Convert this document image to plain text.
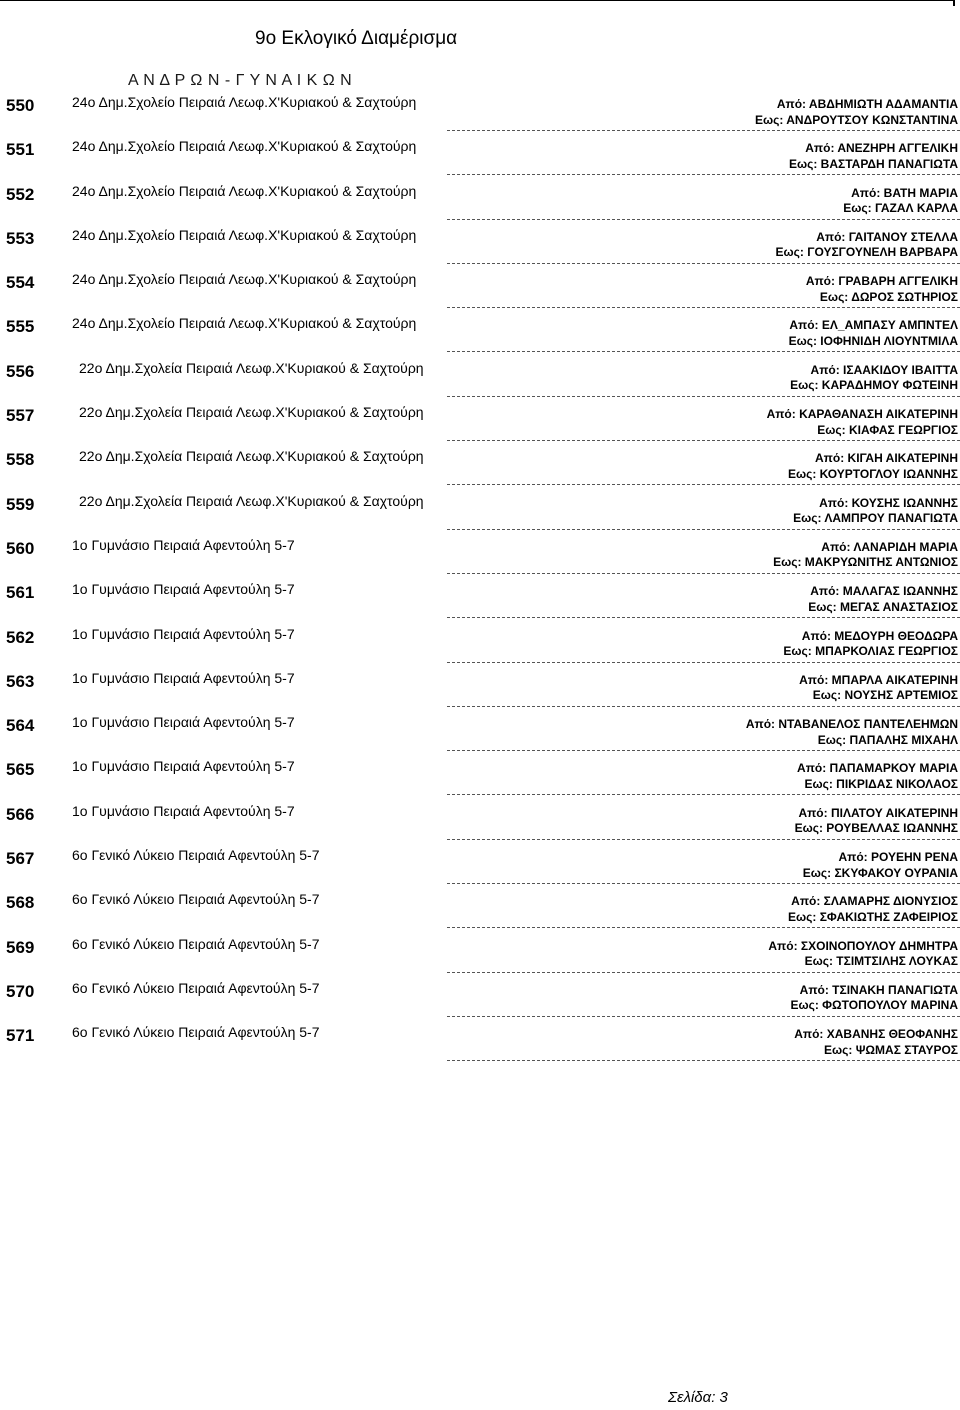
9ο Εκλογικό Διαμέρισμα
Α Ν Δ Ρ Ω Ν - Γ Υ Ν Α Ι Κ Ω Ν
550	24ο Δημ.Σχολείο Πειραιά Λεωφ.Χ'Κυριακού & Σαχτούρη	Από: ΑΒΔΗΜΙΩΤΗ ΑΔΑΜΑΝΤΙΑ
Εως: ΑΝΔΡΟΥΤΣΟΥ ΚΩΝΣΤΑΝΤΙΝΑ
551	24ο Δημ.Σχολείο Πειραιά Λεωφ.Χ'Κυριακού & Σαχτούρη	Από: ΑΝΕΖΗΡΗ ΑΓΓΕΛΙΚΗ
Εως: ΒΑΣΤΑΡΔΗ ΠΑΝΑΓΙΩΤΑ
552	24ο Δημ.Σχολείο Πειραιά Λεωφ.Χ'Κυριακού & Σαχτούρη	Από: ΒΑΤΗ ΜΑΡΙΑ
Εως: ΓΑΖΑΛ ΚΑΡΛΑ
553	24ο Δημ.Σχολείο Πειραιά Λεωφ.Χ'Κυριακού & Σαχτούρη	Από: ΓΑΙΤΑΝΟΥ ΣΤΕΛΛΑ
Εως: ΓΟΥΣΓΟΥΝΕΛΗ ΒΑΡΒΑΡΑ
554	24ο Δημ.Σχολείο Πειραιά Λεωφ.Χ'Κυριακού & Σαχτούρη	Από: ΓΡΑΒΑΡΗ ΑΓΓΕΛΙΚΗ
Εως: ΔΩΡΟΣ ΣΩΤΗΡΙΟΣ
555	24ο Δημ.Σχολείο Πειραιά Λεωφ.Χ'Κυριακού & Σαχτούρη	Από: ΕΛ_ΑΜΠΑΣΥ ΑΜΠΝΤΕΛ
Εως: ΙΟΦΗΝΙΔΗ ΛΙΟΥΝΤΜΙΛΑ
556	22ο Δημ.Σχολεία Πειραιά Λεωφ.Χ'Κυριακού & Σαχτούρη	Από: ΙΣΑΑΚΙΔΟΥ ΙΒΑΙΤΤΑ
Εως: ΚΑΡΑΔΗΜΟΥ ΦΩΤΕΙΝΗ
557	22ο Δημ.Σχολεία Πειραιά Λεωφ.Χ'Κυριακού & Σαχτούρη	Από: ΚΑΡΑΘΑΝΑΣΗ ΑΙΚΑΤΕΡΙΝΗ
Εως: ΚΙΑΦΑΣ ΓΕΩΡΓΙΟΣ
558	22ο Δημ.Σχολεία Πειραιά Λεωφ.Χ'Κυριακού & Σαχτούρη	Από: ΚΙΓΑΗ ΑΙΚΑΤΕΡΙΝΗ
Εως: ΚΟΥΡΤΟΓΛΟΥ ΙΩΑΝΝΗΣ
559	22ο Δημ.Σχολεία Πειραιά Λεωφ.Χ'Κυριακού & Σαχτούρη	Από: ΚΟΥΣΗΣ ΙΩΑΝΝΗΣ
Εως: ΛΑΜΠΡΟΥ ΠΑΝΑΓΙΩΤΑ
560	1ο Γυμνάσιο Πειραιά Αφεντούλη 5-7	Από: ΛΑΝΑΡΙΔΗ ΜΑΡΙΑ
Εως: ΜΑΚΡΥΩΝΙΤΗΣ ΑΝΤΩΝΙΟΣ
561	1ο Γυμνάσιο Πειραιά Αφεντούλη 5-7	Από: ΜΑΛΑΓΑΣ ΙΩΑΝΝΗΣ
Εως: ΜΕΓΑΣ ΑΝΑΣΤΑΣΙΟΣ
562	1ο Γυμνάσιο Πειραιά Αφεντούλη 5-7	Από: ΜΕΔΟΥΡΗ ΘΕΟΔΩΡΑ
Εως: ΜΠΑΡΚΟΛΙΑΣ ΓΕΩΡΓΙΟΣ
563	1ο Γυμνάσιο Πειραιά Αφεντούλη 5-7	Από: ΜΠΑΡΛΑ ΑΙΚΑΤΕΡΙΝΗ
Εως: ΝΟΥΣΗΣ ΑΡΤΕΜΙΟΣ
564	1ο Γυμνάσιο Πειραιά Αφεντούλη 5-7	Από: ΝΤΑΒΑΝΕΛΟΣ ΠΑΝΤΕΛΕΗΜΩΝ
Εως: ΠΑΠΑΛΗΣ ΜΙΧΑΗΛ
565	1ο Γυμνάσιο Πειραιά Αφεντούλη 5-7	Από: ΠΑΠΑΜΑΡΚΟΥ ΜΑΡΙΑ
Εως: ΠΙΚΡΙΔΑΣ ΝΙΚΟΛΑΟΣ
566	1ο Γυμνάσιο Πειραιά Αφεντούλη 5-7	Από: ΠΙΛΑΤΟΥ ΑΙΚΑΤΕΡΙΝΗ
Εως: ΡΟΥΒΕΛΛΑΣ ΙΩΑΝΝΗΣ
567	6ο Γενικό Λύκειο Πειραιά Αφεντούλη 5-7	Από: ΡΟΥΕΗΝ ΡΕΝΑ
Εως: ΣΚΥΦΑΚΟΥ ΟΥΡΑΝΙΑ
568	6ο Γενικό Λύκειο Πειραιά Αφεντούλη 5-7	Από: ΣΛΑΜΑΡΗΣ ΔΙΟΝΥΣΙΟΣ
Εως: ΣΦΑΚΙΩΤΗΣ ΖΑΦΕΙΡΙΟΣ
569	6ο Γενικό Λύκειο Πειραιά Αφεντούλη 5-7	Από: ΣΧΟΙΝΟΠΟΥΛΟΥ ΔΗΜΗΤΡΑ
Εως: ΤΣΙΜΤΣΙΛΗΣ ΛΟΥΚΑΣ
570	6ο Γενικό Λύκειο Πειραιά Αφεντούλη 5-7	Από: ΤΣΙΝΑΚΗ ΠΑΝΑΓΙΩΤΑ
Εως: ΦΩΤΟΠΟΥΛΟΥ ΜΑΡΙΝΑ
571	6ο Γενικό Λύκειο Πειραιά Αφεντούλη 5-7	Από: ΧΑΒΑΝΗΣ ΘΕΟΦΑΝΗΣ
Εως: ΨΩΜΑΣ ΣΤΑΥΡΟΣ
Σελίδα: 3
